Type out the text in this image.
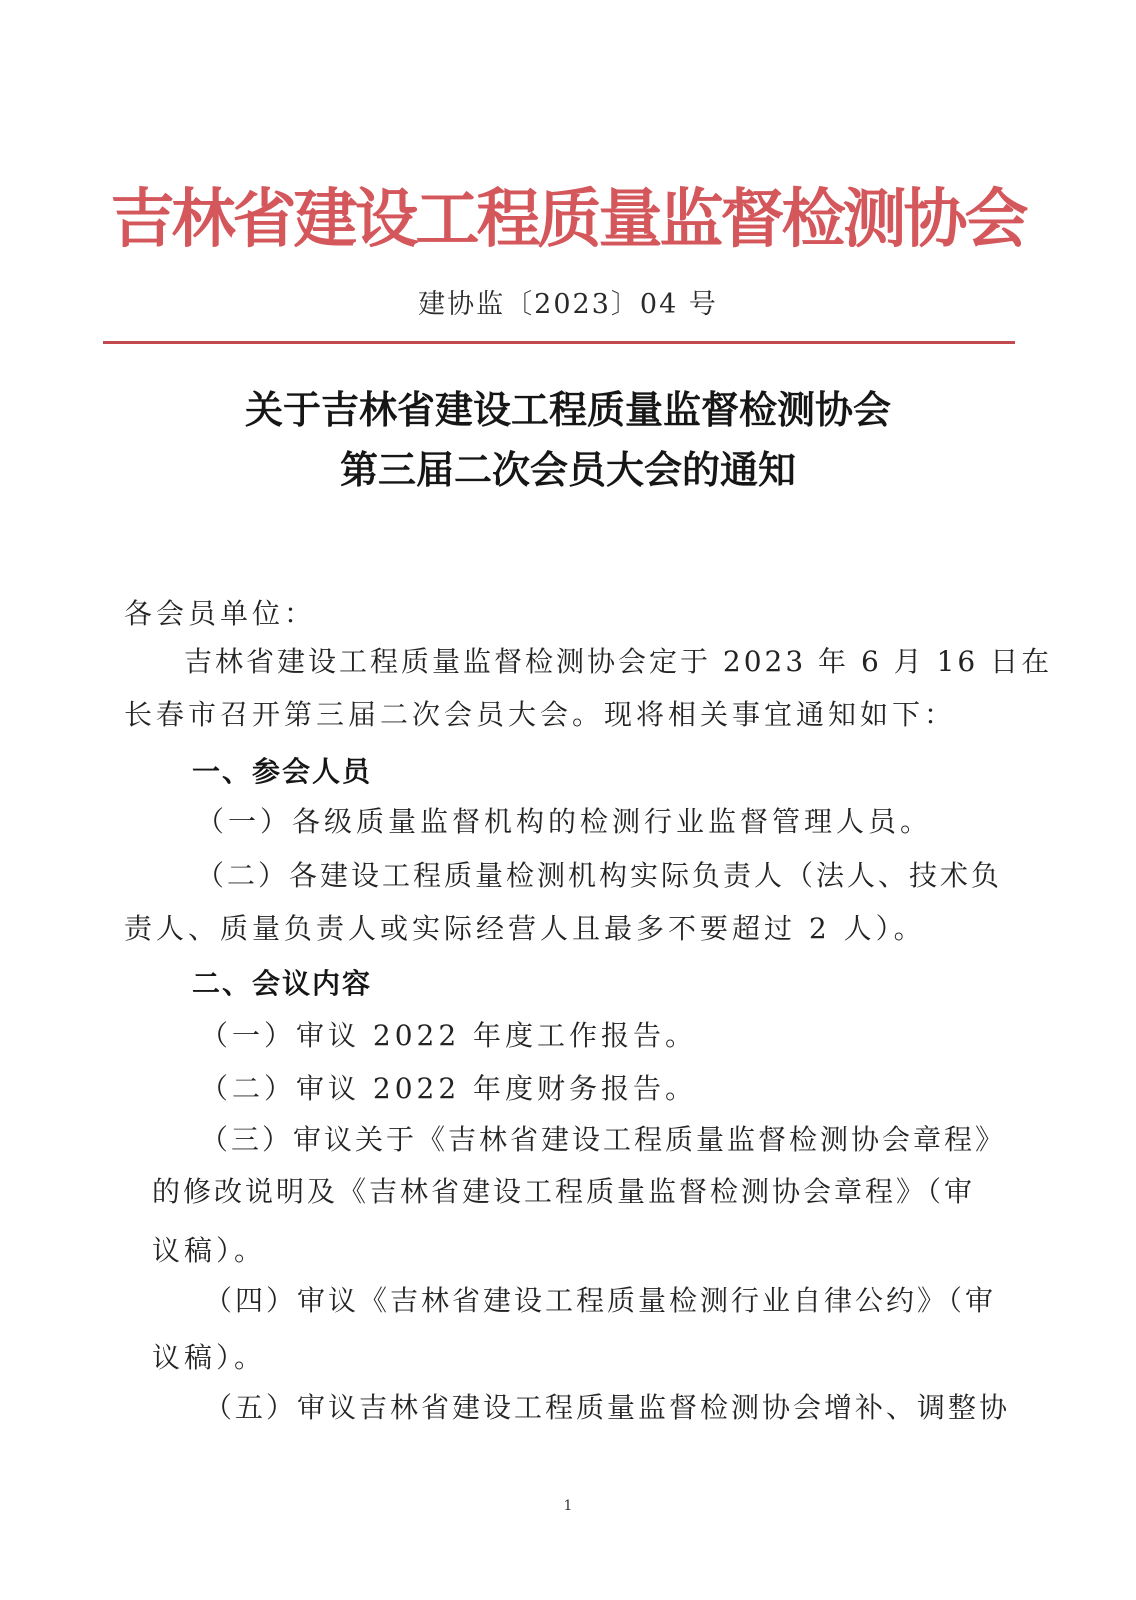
吉林省建设工程质量监督检测协会
建协监〔2023〕04 号
关于吉林省建设工程质量监督检测协会
第三届二次会员大会的通知
各会员单位：
吉林省建设工程质量监督检测协会定于 2023 年 6 月 16 日在
长春市召开第三届二次会员大会。现将相关事宜通知如下：
一、参会人员
（一）各级质量监督机构的检测行业监督管理人员。
（二）各建设工程质量检测机构实际负责人（法人、技术负
责人、质量负责人或实际经营人且最多不要超过 2 人）。
二、会议内容
（一）审议 2022 年度工作报告。
（二）审议 2022 年度财务报告。
（三）审议关于《吉林省建设工程质量监督检测协会章程》
的修改说明及《吉林省建设工程质量监督检测协会章程》（审
议稿）。
（四）审议《吉林省建设工程质量检测行业自律公约》（审
议稿）。
（五）审议吉林省建设工程质量监督检测协会增补、调整协
1
